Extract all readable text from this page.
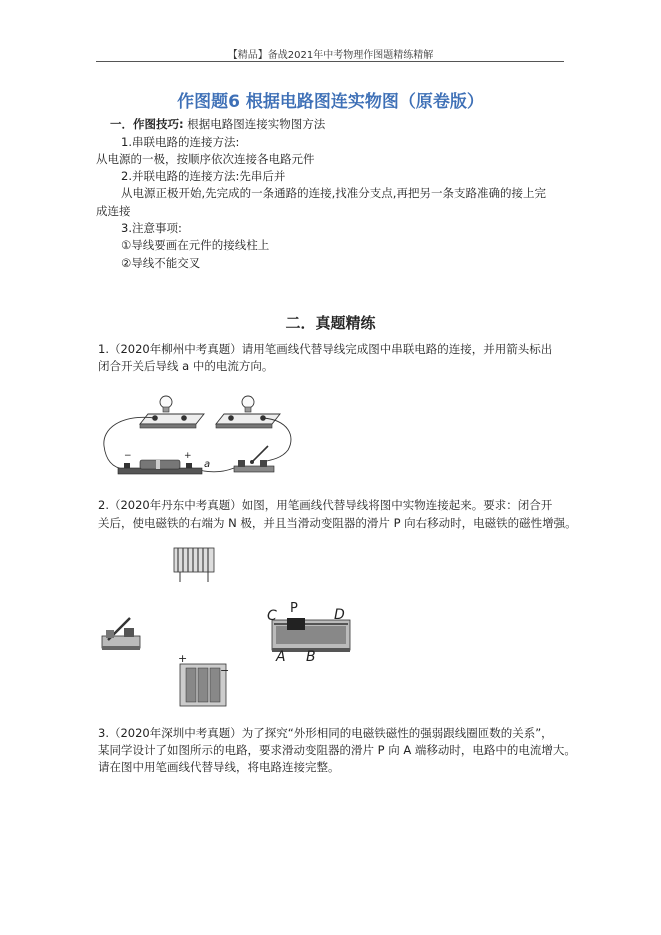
【精品】备战2021年中考物理作图题精练精解
作图题6 根据电路图连实物图（原卷版）
一．作图技巧: 根据电路图连接实物图方法
1.串联电路的连接方法:
从电源的一极，按顺序依次连接各电路元件
2.并联电路的连接方法:先串后并
从电源正极开始,先完成的一条通路的连接,找准分支点,再把另一条支路准确的接上完
成连接
3.注意事项:
①导线要画在元件的接线柱上
②导线不能交叉
二．真题精练
1.（2020年柳州中考真题）请用笔画线代替导线完成图中串联电路的连接，并用箭头标出
闭合开关后导线 a 中的电流方向。
−	+
a
2.（2020年丹东中考真题）如图，用笔画线代替导线将图中实物连接起来。要求：闭合开
关后，使电磁铁的右端为 N 极，并且当滑动变阻器的滑片 P 向右移动时，电磁铁的磁性增强。
C P	D
A B
+
−
3.（2020年深圳中考真题）为了探究“外形相同的电磁铁磁性的强弱跟线圈匝数的关系”，
某同学设计了如图所示的电路，要求滑动变阻器的滑片 P 向 A 端移动时，电路中的电流增大。
请在图中用笔画线代替导线，将电路连接完整。
